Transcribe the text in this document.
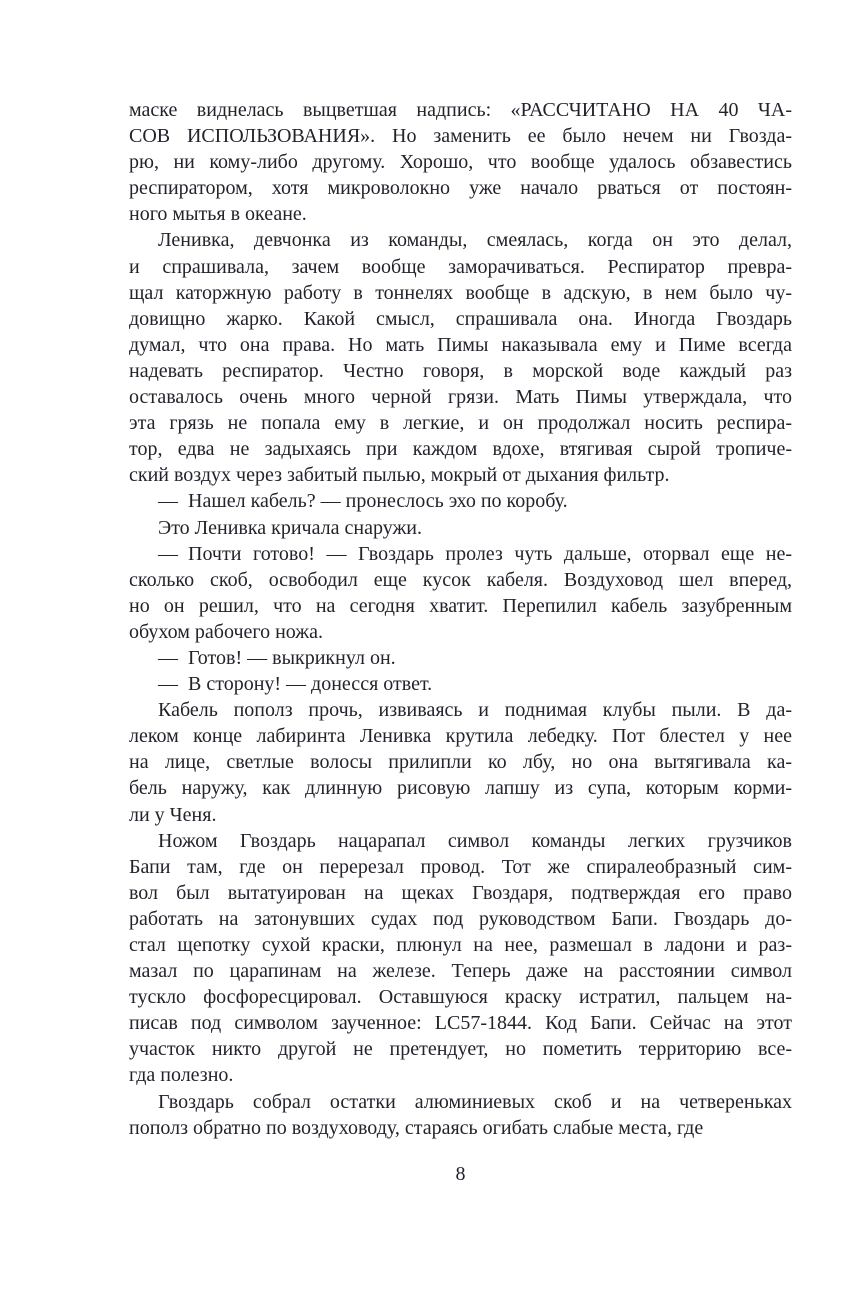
маске виднелась выцветшая надпись: «РАССЧИТАНО НА 40 ЧА-
СОВ ИСПОЛЬЗОВАНИЯ». Но заменить ее было нечем ни Гвозда-
рю, ни кому-либо другому. Хорошо, что вообще удалось обзавестись
респиратором, хотя микроволокно уже начало рваться от постоян-
ного мытья в океане.
Ленивка, девчонка из команды, смеялась, когда он это делал,
и спрашивала, зачем вообще заморачиваться. Респиратор превра-
щал каторжную работу в тоннелях вообще в адскую, в нем было чу-
довищно жарко. Какой смысл, спрашивала она. Иногда Гвоздарь
думал, что она права. Но мать Пимы наказывала ему и Пиме всегда
надевать респиратор. Честно говоря, в морской воде каждый раз
оставалось очень много черной грязи. Мать Пимы утверждала, что
эта грязь не попала ему в легкие, и он продолжал носить респира-
тор, едва не задыхаясь при каждом вдохе, втягивая сырой тропиче-
ский воздух через забитый пылью, мокрый от дыхания фильтр.
— Нашел кабель? — пронеслось эхо по коробу.
Это Ленивка кричала снаружи.
— Почти готово! — Гвоздарь пролез чуть дальше, оторвал еще не-
сколько скоб, освободил еще кусок кабеля. Воздуховод шел вперед,
но он решил, что на сегодня хватит. Перепилил кабель зазубренным
обухом рабочего ножа.
— Готов! — выкрикнул он.
— В сторону! — донесся ответ.
Кабель пополз прочь, извиваясь и поднимая клубы пыли. В да-
леком конце лабиринта Ленивка крутила лебедку. Пот блестел у нее
на лице, светлые волосы прилипли ко лбу, но она вытягивала ка-
бель наружу, как длинную рисовую лапшу из супа, которым корми-
ли у Ченя.
Ножом Гвоздарь нацарапал символ команды легких грузчиков
Бапи там, где он перерезал провод. Тот же спиралеобразный сим-
вол был вытатуирован на щеках Гвоздаря, подтверждая его право
работать на затонувших судах под руководством Бапи. Гвоздарь до-
стал щепотку сухой краски, плюнул на нее, размешал в ладони и раз-
мазал по царапинам на железе. Теперь даже на расстоянии символ
тускло фосфоресцировал. Оставшуюся краску истратил, пальцем на-
писав под символом заученное: LC57-1844. Код Бапи. Сейчас на этот
участок никто другой не претендует, но пометить территорию все-
гда полезно.
Гвоздарь собрал остатки алюминиевых скоб и на четвереньках
пополз обратно по воздуховоду, стараясь огибать слабые места, где
8
